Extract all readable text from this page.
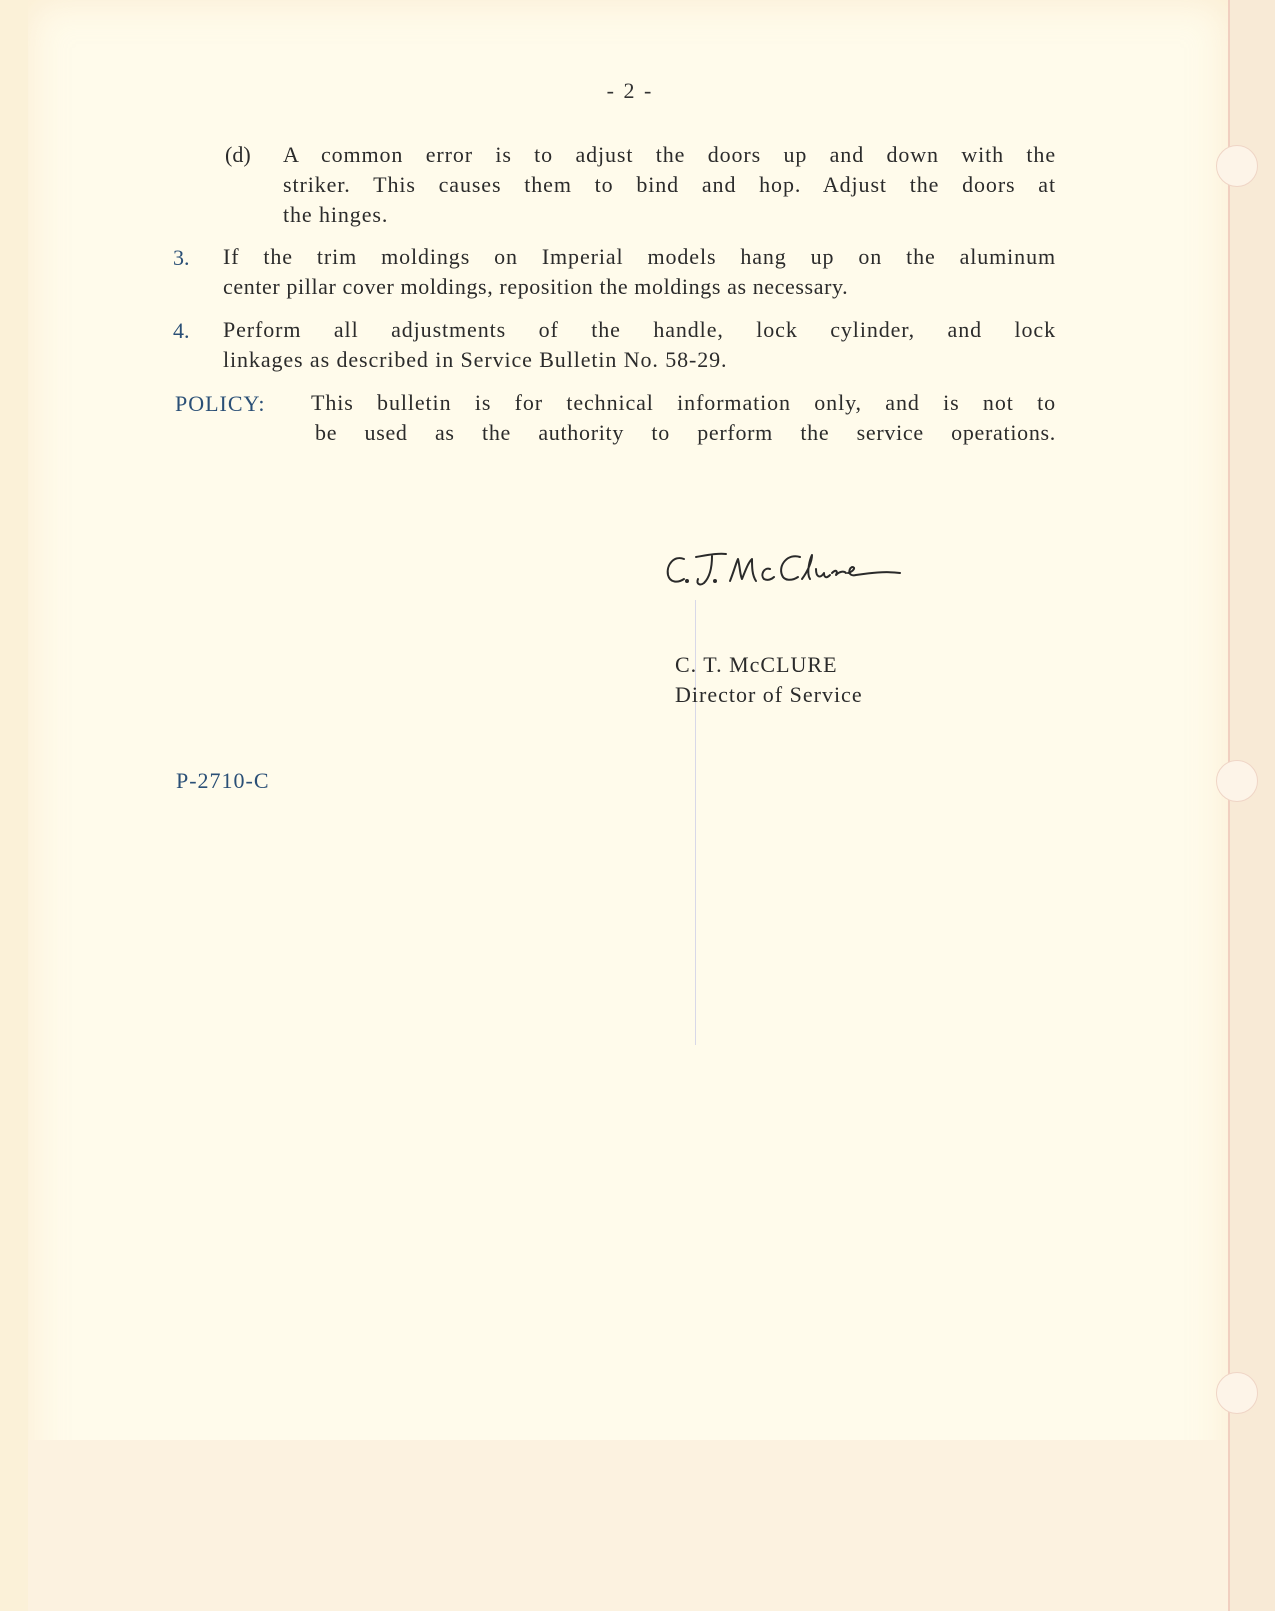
- 2 -
(d) A common error is to adjust the doors up and down with the

striker. This causes them to bind and hop. Adjust the doors at

the hinges.

3. If the trim moldings on Imperial models hang up on the aluminum

center pillar cover moldings, reposition the moldings as necessary.

4. Perform all adjustments of the handle, lock cylinder, and lock

linkages as described in Service Bulletin No. 58-29.

POLICY: This bulletin is for technical information only, and is not to

be used as the authority to perform the service operations.

C. T. McCLURE
Director of Service
P-2710-C
